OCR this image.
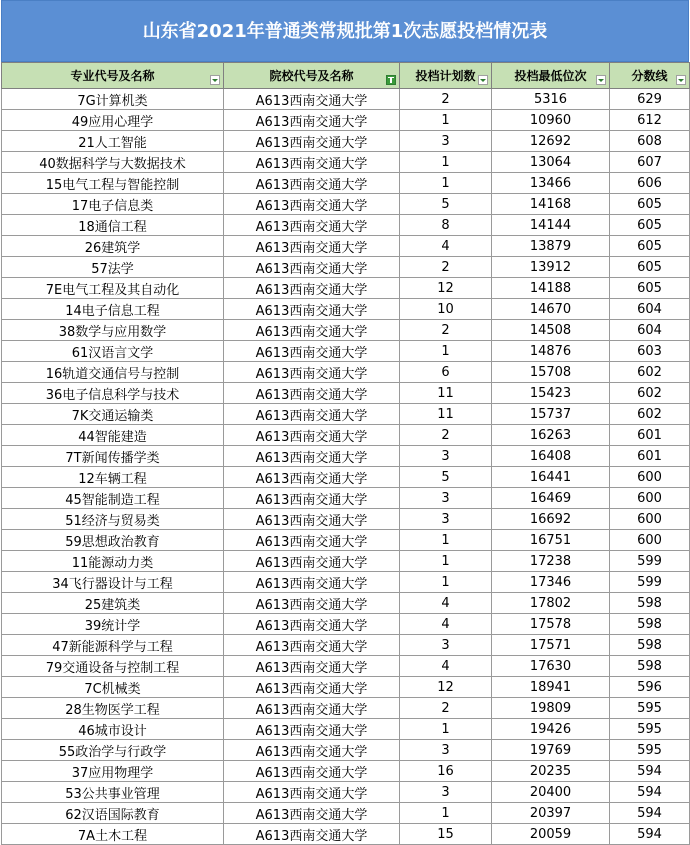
山东省2021年普通类常规批第1次志愿投档情况表
专业代号及名称	院校代号及名称	投档计划数	投档最低位次	分数线

7G计算机类	A613西南交通大学	2	5316	629
49应用心理学	A613西南交通大学	1	10960	612
21人工智能	A613西南交通大学	3	12692	608
40数据科学与大数据技术	A613西南交通大学	1	13064	607
15电气工程与智能控制	A613西南交通大学	1	13466	606
17电子信息类	A613西南交通大学	5	14168	605
18通信工程	A613西南交通大学	8	14144	605
26建筑学	A613西南交通大学	4	13879	605
57法学	A613西南交通大学	2	13912	605
7E电气工程及其自动化	A613西南交通大学	12	14188	605
14电子信息工程	A613西南交通大学	10	14670	604
38数学与应用数学	A613西南交通大学	2	14508	604
61汉语言文学	A613西南交通大学	1	14876	603
16轨道交通信号与控制	A613西南交通大学	6	15708	602
36电子信息科学与技术	A613西南交通大学	11	15423	602
7K交通运输类	A613西南交通大学	11	15737	602
44智能建造	A613西南交通大学	2	16263	601
7T新闻传播学类	A613西南交通大学	3	16408	601
12车辆工程	A613西南交通大学	5	16441	600
45智能制造工程	A613西南交通大学	3	16469	600
51经济与贸易类	A613西南交通大学	3	16692	600
59思想政治教育	A613西南交通大学	1	16751	600
11能源动力类	A613西南交通大学	1	17238	599
34飞行器设计与工程	A613西南交通大学	1	17346	599
25建筑类	A613西南交通大学	4	17802	598
39统计学	A613西南交通大学	4	17578	598
47新能源科学与工程	A613西南交通大学	3	17571	598
79交通设备与控制工程	A613西南交通大学	4	17630	598
7C机械类	A613西南交通大学	12	18941	596
28生物医学工程	A613西南交通大学	2	19809	595
46城市设计	A613西南交通大学	1	19426	595
55政治学与行政学	A613西南交通大学	3	19769	595
37应用物理学	A613西南交通大学	16	20235	594
53公共事业管理	A613西南交通大学	3	20400	594
62汉语国际教育	A613西南交通大学	1	20397	594
7A土木工程	A613西南交通大学	15	20059	594
